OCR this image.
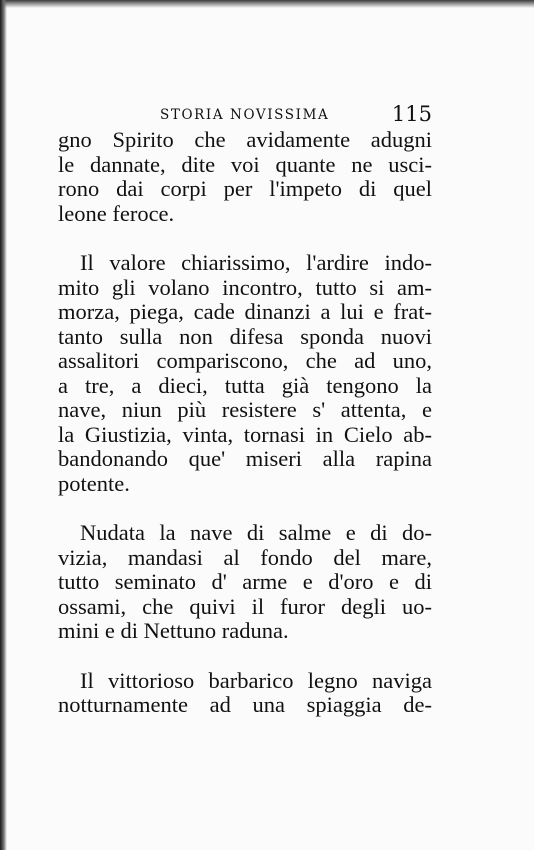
STORIA NOVISSIMA	115
gno Spirito che avidamente adugni
le dannate, dite voi quante ne usci-
rono dai corpi per l'impeto di quel
leone feroce.
Il valore chiarissimo, l'ardire indo-
mito gli volano incontro, tutto si am-
morza, piega, cade dinanzi a lui e frat-
tanto sulla non difesa sponda nuovi
assalitori compariscono, che ad uno,
a tre, a dieci, tutta già tengono la
nave, niun più resistere s' attenta, e
la Giustizia, vinta, tornasi in Cielo ab-
bandonando que' miseri alla rapina
potente.
Nudata la nave di salme e di do-
vizia, mandasi al fondo del mare,
tutto seminato d' arme e d'oro e di
ossami, che quivi il furor degli uo-
mini e di Nettuno raduna.
Il vittorioso barbarico legno naviga
notturnamente ad una spiaggia de-
